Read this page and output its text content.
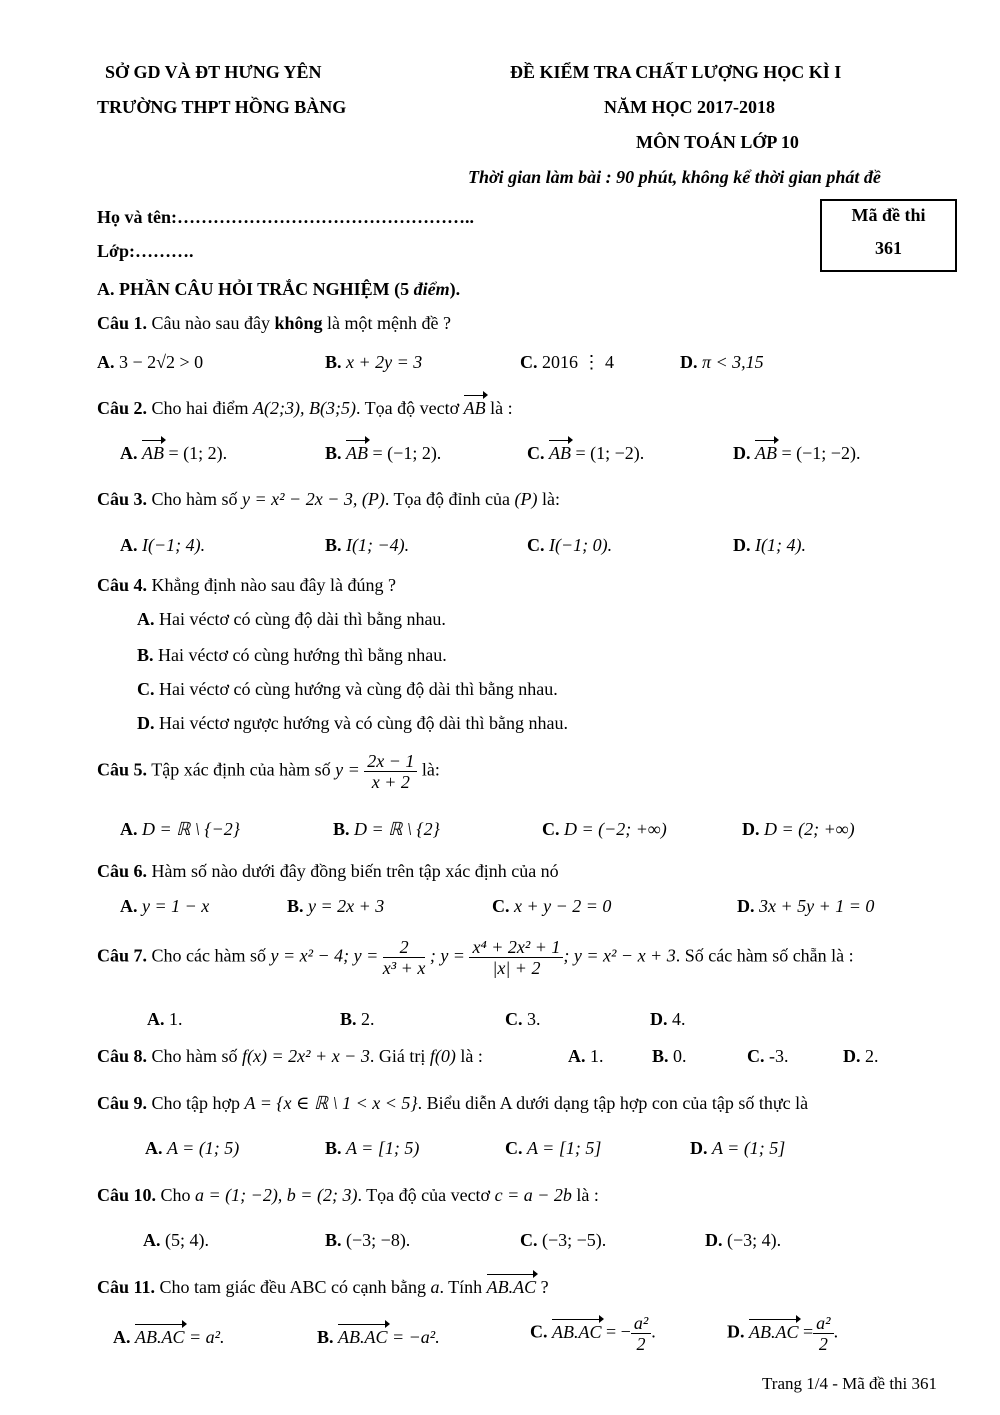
SỞ GD VÀ ĐT HƯNG YÊN
TRƯỜNG THPT HỒNG BÀNG
ĐỀ KIỂM TRA CHẤT LƯỢNG HỌC KÌ I
NĂM HỌC 2017-2018
MÔN TOÁN LỚP 10
Thời gian làm bài : 90 phút, không kể thời gian phát đề
Họ và tên:…………………………………………..
Lớp:……….
Mã đề thi
361
A. PHẦN CÂU HỎI TRẮC NGHIỆM (5 điểm).
Câu 1. Câu nào sau đây không là một mệnh đề ?
A. 3 − 2√2 > 0	B. x + 2y = 3	C. 2016 ⋮ 4	D. π < 3,15
Câu 2. Cho hai điểm A(2;3), B(3;5). Tọa độ vectơ AB là :
A. AB = (1; 2).	B. AB = (−1; 2).	C. AB = (1; −2).	D. AB = (−1; −2).
Câu 3. Cho hàm số y = x² − 2x − 3, (P). Tọa độ đỉnh của (P) là:
A. I(−1; 4).	B. I(1; −4).	C. I(−1; 0).	D. I(1; 4).
Câu 4. Khẳng định nào sau đây là đúng ?
A. Hai véctơ có cùng độ dài thì bằng nhau.
B. Hai véctơ có cùng hướng thì bằng nhau.
C. Hai véctơ có cùng hướng và cùng độ dài thì bằng nhau.
D. Hai véctơ ngược hướng và có cùng độ dài thì bằng nhau.
Câu 5. Tập xác định của hàm số $y = \frac{2x - 1}{x + 2}$ là:
A. D = ℝ \ {−2}	B. D = ℝ \ {2}	C. D = (−2; +∞)	D. D = (2; +∞)
Câu 6. Hàm số nào dưới đây đồng biến trên tập xác định của nó
A. y = 1 − x	B. y = 2x + 3	C. x + y − 2 = 0	D. 3x + 5y + 1 = 0
Câu 7. Cho các hàm số y = x² − 4; $y = \frac{2}{\text{x³ + x}}$ ; $y = \frac{\text{x⁴ + 2x² + 1}}{|x| + 2}$ ; y = x² − x + 3. Số các hàm số chẵn là :
A. 1.	B. 2.	C. 3.	D. 4.
Câu 8. Cho hàm số f(x) = 2x² + x − 3. Giá trị f(0) là :	A. 1.	B. 0.	C. -3.	D. 2.
Câu 9. Cho tập hợp A = {x ∈ ℝ \ 1 < x < 5}. Biểu diễn A dưới dạng tập hợp con của tập số thực là
A. A = (1; 5)	B. A = [1; 5)	C. A = [1; 5]	D. A = (1; 5]
Câu 10. Cho a = (1; −2), b = (2; 3). Tọa độ của vectơ c = a − 2b là :
A. (5; 4).	B. (−3; −8).	C. (−3; −5).	D. (−3; 4).
Câu 11. Cho tam giác đều ABC có cạnh bằng a. Tính AB.AC ?
A. AB.AC = a².	B. AB.AC = −a².	C. AB.AC = − $\frac{\text{a²}}{2}$ .	D. $AB.AC = \frac{\text{a²}}{2}$ .
Trang 1/4 - Mã đề thi 361
